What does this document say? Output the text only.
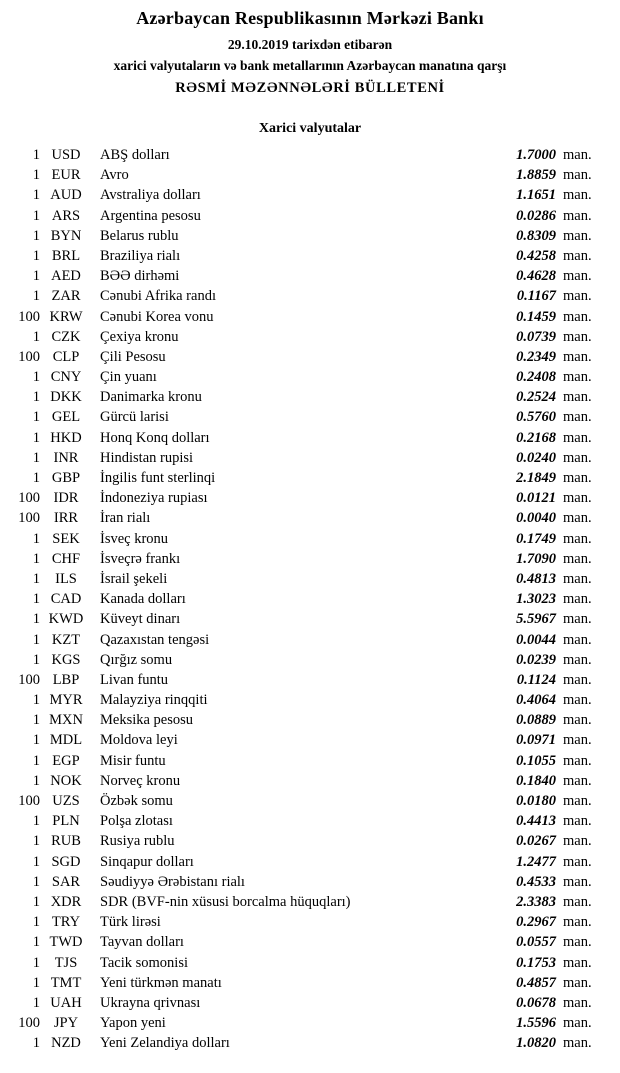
Azərbaycan Respublikasının Mərkəzi Bankı
29.10.2019 tarixdən etibarən
xarici valyutaların və bank metallarının Azərbaycan manatına qarşı
RƏSMİ MƏZƏNNƏLƏRİ BÜLLETENİ
Xarici valyutalar
1 USD	ABŞ dolları	1.7000 man.
1 EUR	Avro	1.8859 man.
1 AUD	Avstraliya dolları	1.1651 man.
1 ARS	Argentina pesosu	0.0286 man.
1 BYN	Belarus rublu	0.8309 man.
1 BRL	Braziliya rialı	0.4258 man.
1 AED	BƏƏ dirhəmi	0.4628 man.
1 ZAR	Cənubi Afrika randı	0.1167 man.
100 KRW	Cənubi Korea vonu	0.1459 man.
1 CZK	Çexiya kronu	0.0739 man.
100 CLP	Çili Pesosu	0.2349 man.
1 CNY	Çin yuanı	0.2408 man.
1 DKK	Danimarka kronu	0.2524 man.
1 GEL	Gürcü larisi	0.5760 man.
1 HKD	Honq Konq dolları	0.2168 man.
1 INR	Hindistan rupisi	0.0240 man.
1 GBP	İngilis funt sterlinqi	2.1849 man.
100 IDR	İndoneziya rupiası	0.0121 man.
100 IRR	İran rialı	0.0040 man.
1 SEK	İsveç kronu	0.1749 man.
1 CHF	İsveçrə frankı	1.7090 man.
1	ILS	İsrail şekeli	0.4813 man.
1 CAD	Kanada dolları	1.3023 man.
1 KWD	Küveyt dinarı	5.5967 man.
1 KZT	Qazaxıstan tengəsi	0.0044 man.
1 KGS	Qırğız somu	0.0239 man.
100 LBP	Livan funtu	0.1124 man.
1 MYR	Malayziya rinqqiti	0.4064 man.
1 MXN	Meksika pesosu	0.0889 man.
1 MDL	Moldova leyi	0.0971 man.
1 EGP	Misir funtu	0.1055 man.
1 NOK	Norveç kronu	0.1840 man.
100 UZS	Özbək somu	0.0180 man.
1 PLN	Polşa zlotası	0.4413 man.
1 RUB	Rusiya rublu	0.0267 man.
1 SGD	Sinqapur dolları	1.2477 man.
1 SAR	Səudiyyə Ərəbistanı rialı	0.4533 man.
1 XDR	SDR (BVF-nin xüsusi borcalma hüquqları)	2.3383 man.
1 TRY	Türk lirəsi	0.2967 man.
1 TWD	Tayvan dolları	0.0557 man.
1	TJS	Tacik somonisi	0.1753 man.
1 TMT	Yeni türkmən manatı	0.4857 man.
1 UAH	Ukrayna qrivnası	0.0678 man.
100 JPY	Yapon yeni	1.5596 man.
1 NZD	Yeni Zelandiya dolları	1.0820 man.
